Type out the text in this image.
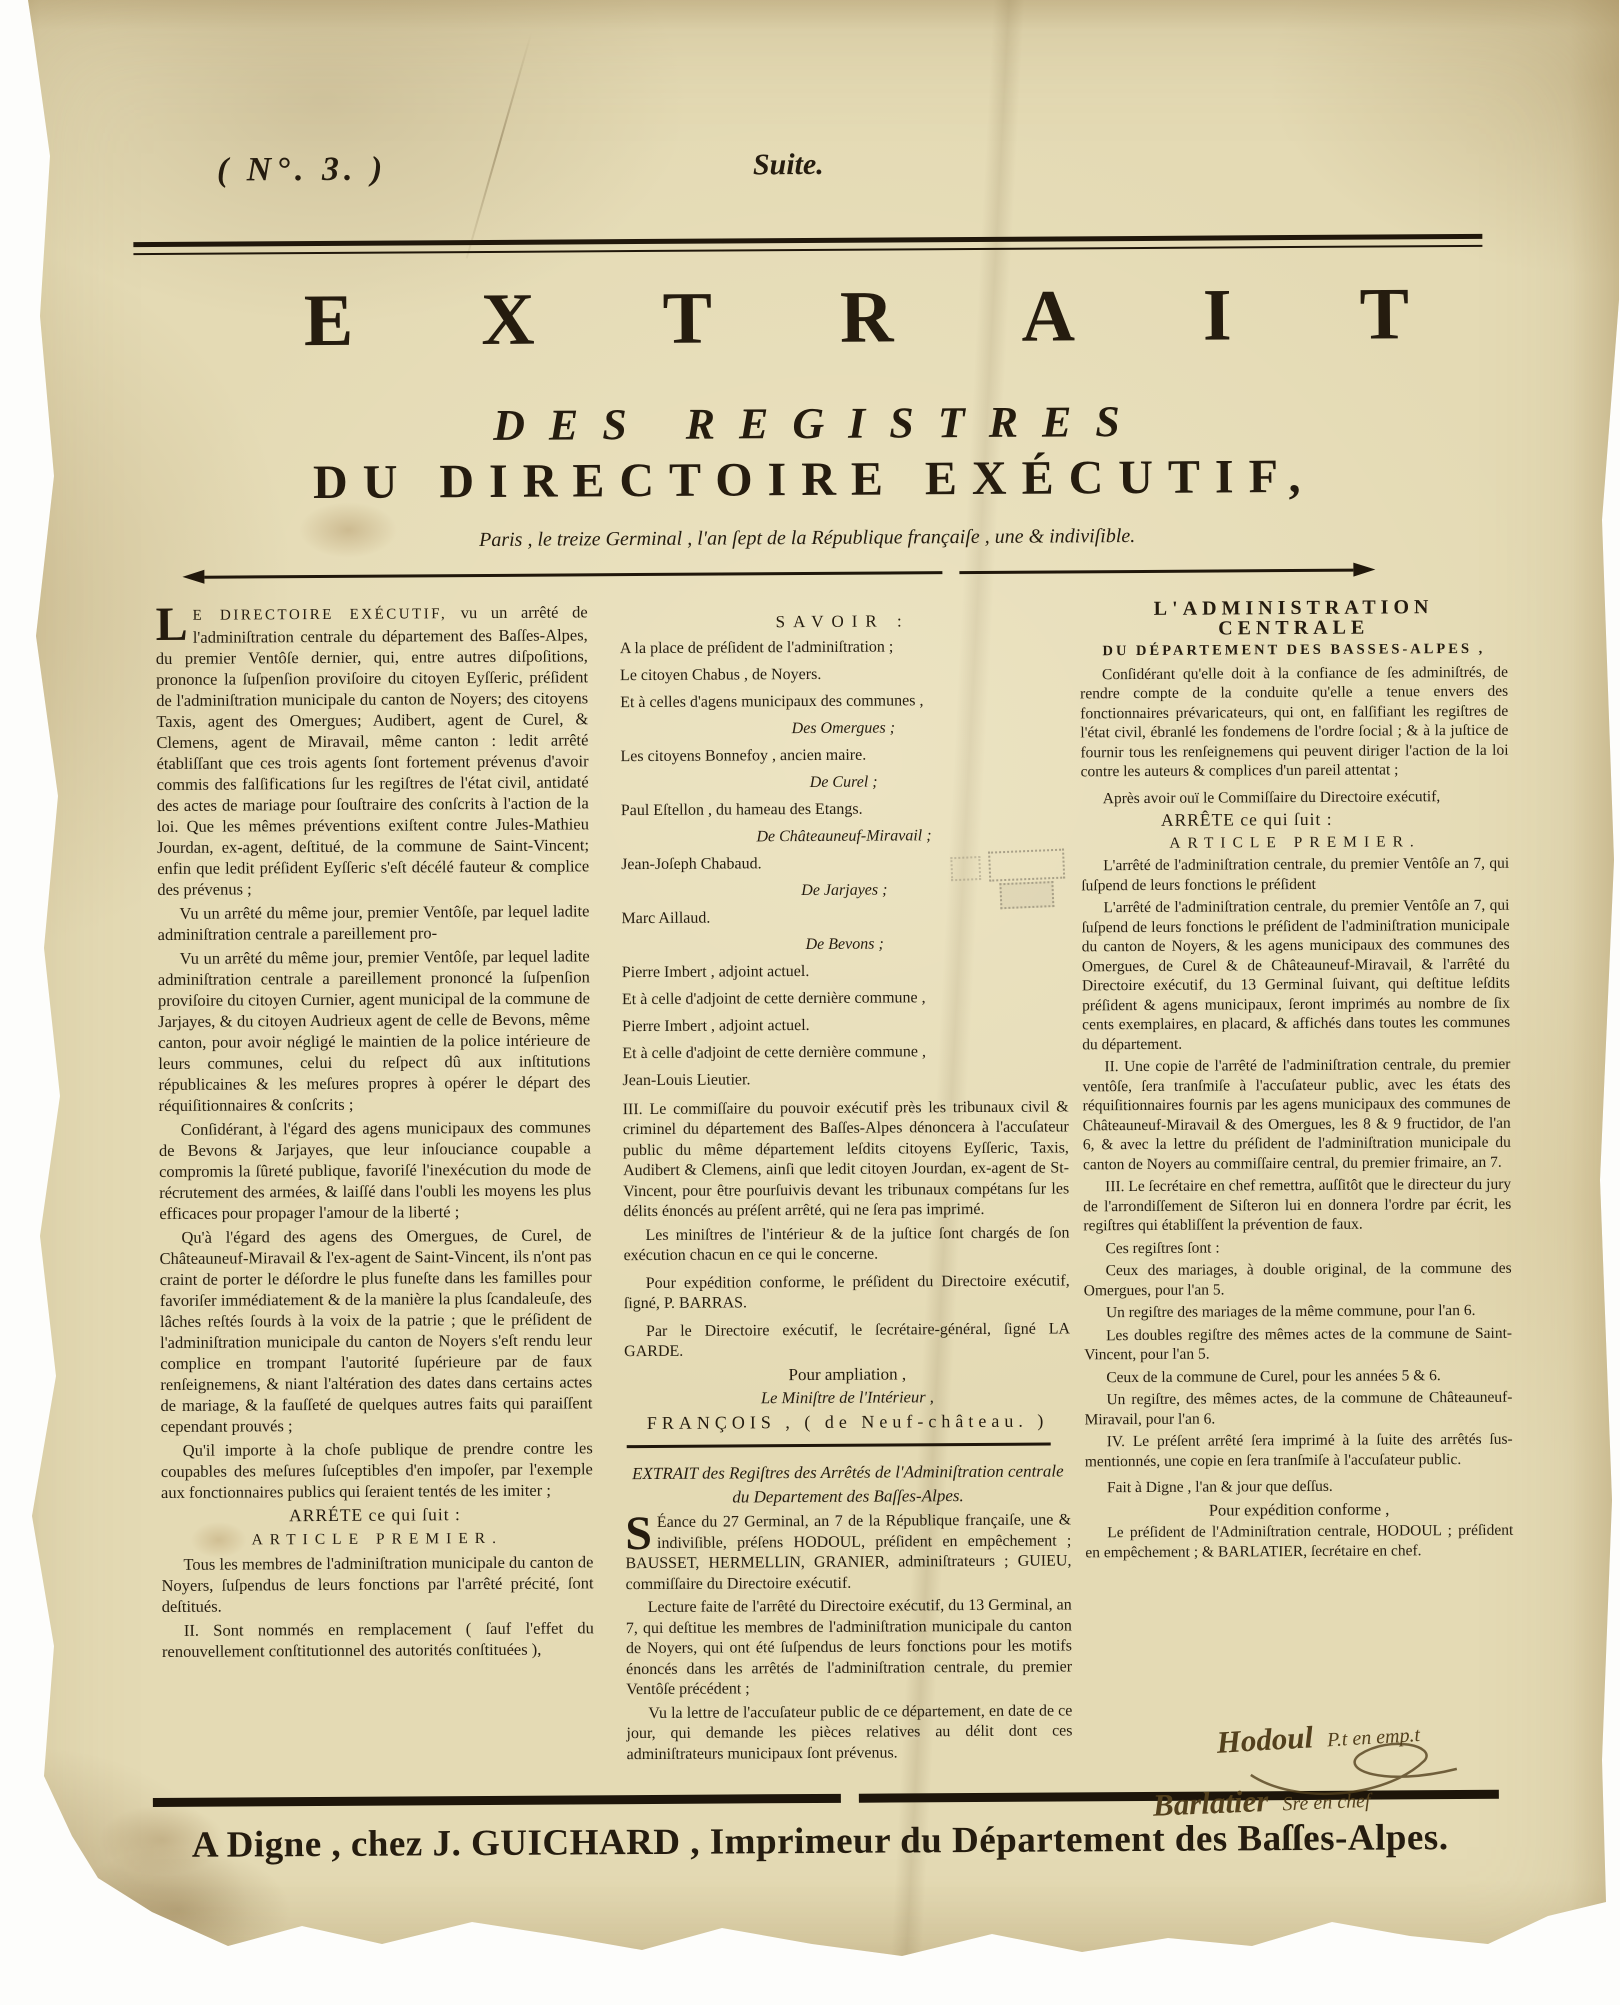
( N°. 3. )	Suite.
EXTRAIT
DES REGISTRES
DU DIRECTOIRE EXÉCUTIF,
Paris , le treize Germinal , l'an ſept de la République françaiſe , une & indiviſible.

L E DIRECTOIRE EXÉCUTIF, vu un arrêté de l'adminiſtration centrale du département des Baſſes-Alpes, du premier Ventôſe dernier, qui, entre autres diſpoſitions, prononce la ſuſpenſion proviſoire du citoyen Eyſſeric, préſident de l'adminiſtration municipale du canton de Noyers; des citoyens Taxis, agent des Omergues; Audibert, agent de Curel, & Clemens, agent de Miravail, même canton : ledit arrêté établiſſant que ces trois agents ſont fortement prévenus d'avoir commis des falſifications ſur les regiſtres de l'état civil, antidaté des actes de mariage pour ſouſtraire des conſcrits à l'action de la loi. Que les mêmes préventions exiſtent contre Jules-Mathieu Jourdan, ex-agent, deſtitué, de la commune de Saint-Vincent; enfin que ledit préſident Eyſſeric s'eſt décélé fauteur & complice des prévenus ;

Vu un arrêté du même jour, premier Ventôſe, par lequel ladite adminiſtration centrale a pareillement pro-

Vu un arrêté du même jour, premier Ventôſe, par lequel ladite adminiſtration centrale a pareillement prononcé la ſuſpenſion proviſoire du citoyen Curnier, agent municipal de la commune de Jarjayes, & du citoyen Audrieux agent de celle de Bevons, même canton, pour avoir négligé le maintien de la police intérieure de leurs communes, celui du reſpect dû aux inſtitutions républicaines & les meſures propres à opérer le départ des réquiſitionnaires & conſcrits ;

Conſidérant, à l'égard des agens municipaux des communes de Bevons & Jarjayes, que leur inſouciance coupable a compromis la ſûreté publique, favoriſé l'inexécution du mode de récrutement des armées, & laiſſé dans l'oubli les moyens les plus efficaces pour propager l'amour de la liberté ;

Qu'à l'égard des agens des Omergues, de Curel, de Châteauneuf-Miravail & l'ex-agent de Saint-Vincent, ils n'ont pas craint de porter le déſordre le plus funeſte dans les familles pour favoriſer immédiatement & de la manière la plus ſcandaleuſe, des lâches reſtés ſourds à la voix de la patrie ; que le préſident de l'adminiſtration municipale du canton de Noyers s'eſt rendu leur complice en trompant l'autorité ſupérieure par de faux renſeignemens, & niant l'altération des dates dans certains actes de mariage, & la fauſſeté de quelques autres faits qui paraiſſent cependant prouvés ;

Qu'il importe à la choſe publique de prendre contre les coupables des meſures ſuſceptibles d'en impoſer, par l'exemple aux fonctionnaires publics qui ſeraient tentés de les imiter ;

ARRÉTE ce qui ſuit :

ARTICLE PREMIER.

Tous les membres de l'adminiſtration municipale du canton de Noyers, ſuſpendus de leurs fonctions par l'arrêté précité, ſont deſtitués.

II. Sont nommés en remplacement ( ſauf l'effet du renouvellement conſtitutionnel des autorités conſtituées ),

SAVOIR :

A la place de préſident de l'adminiſtration ;

Le citoyen Chabus , de Noyers.

Et à celles d'agens municipaux des communes ,

Des Omergues ;

Les citoyens Bonnefoy , ancien maire.

De Curel ;

Paul Eſtellon , du hameau des Etangs.

De Châteauneuf-Miravail ;

Jean-Joſeph Chabaud.

De Jarjayes ;

Marc Aillaud.

De Bevons ;

Pierre Imbert , adjoint actuel.

Et à celle d'adjoint de cette dernière commune ,

Pierre Imbert , adjoint actuel.

Et à celle d'adjoint de cette dernière commune ,

Jean-Louis Lieutier.

III. Le commiſſaire du pouvoir exécutif près les tribunaux civil & criminel du département des Baſſes-Alpes dénoncera à l'accuſateur public du même département leſdits citoyens Eyſſeric, Taxis, Audibert & Clemens, ainſi que ledit citoyen Jourdan, ex-agent de St-Vincent, pour être pourſuivis devant les tribunaux compétans ſur les délits énoncés au préſent arrêté, qui ne ſera pas imprimé.

Les miniſtres de l'intérieur & de la juſtice ſont chargés de ſon exécution chacun en ce qui le concerne.

Pour expédition conforme, le préſident du Directoire exécutif, ſigné, P. BARRAS.

Par le Directoire exécutif, le ſecrétaire-général, ſigné LA GARDE.

Pour ampliation ,

Le Miniſtre de l'Intérieur ,

FRANÇOIS , ( de Neuf-château. )

EXTRAIT des Regiſtres des Arrêtés de l'Adminiſtration centrale du Departement des Baſſes-Alpes.

S Éance du 27 Germinal, an 7 de la République françaiſe, une & indiviſible, préſens HODOUL, préſident en empêchement ; BAUSSET, HERMELLIN, GRANIER, adminiſtrateurs ; GUIEU, commiſſaire du Directoire exécutif.

Lecture faite de l'arrêté du Directoire exécutif, du 13 Germinal, an 7, qui deſtitue les membres de l'adminiſtration municipale du canton de Noyers, qui ont été ſuſpendus de leurs fonctions pour les motifs énoncés dans les arrêtés de l'adminiſtration centrale, du premier Ventôſe précédent ;

Vu la lettre de l'accuſateur public de ce département, en date de ce jour, qui demande les pièces relatives au délit dont ces adminiſtrateurs municipaux ſont prévenus.

L'ADMINISTRATION CENTRALE

DU DÉPARTEMENT DES BASSES-ALPES ,

Conſidérant qu'elle doit à la confiance de ſes adminiſtrés, de rendre compte de la conduite qu'elle a tenue envers des fonctionnaires prévaricateurs, qui ont, en falſifiant les regiſtres de l'état civil, ébranlé les fondemens de l'ordre ſocial ; & à la juſtice de fournir tous les renſeignemens qui peuvent diriger l'action de la loi contre les auteurs & complices d'un pareil attentat ;

Après avoir ouï le Commiſſaire du Directoire exécutif,

ARRÊTE ce qui ſuit :

ARTICLE PREMIER.

L'arrêté de l'adminiſtration centrale, du premier Ventôſe an 7, qui ſuſpend de leurs fonctions le préſident

L'arrêté de l'adminiſtration centrale, du premier Ventôſe an 7, qui ſuſpend de leurs fonctions le préſident de l'adminiſtration municipale du canton de Noyers, & les agens municipaux des communes des Omergues, de Curel & de Châteauneuf-Miravail, & l'arrêté du Directoire exécutif, du 13 Germinal ſuivant, qui deſtitue leſdits préſident & agens municipaux, ſeront imprimés au nombre de ſix cents exemplaires, en placard, & affichés dans toutes les communes du département.

II. Une copie de l'arrêté de l'adminiſtration centrale, du premier ventôſe, ſera tranſmiſe à l'accuſateur public, avec les états des réquiſitionnaires fournis par les agens municipaux des communes de Châteauneuf-Miravail & des Omergues, les 8 & 9 fructidor, de l'an 6, & avec la lettre du préſident de l'adminiſtration municipale du canton de Noyers au commiſſaire central, du premier frimaire, an 7.

III. Le ſecrétaire en chef remettra, auſſitôt que le directeur du jury de l'arrondiſſement de Siſteron lui en donnera l'ordre par écrit, les regiſtres qui établiſſent la prévention de faux.

Ces regiſtres ſont :

Ceux des mariages, à double original, de la commune des Omergues, pour l'an 5.

Un regiſtre des mariages de la même commune, pour l'an 6.

Les doubles regiſtre des mêmes actes de la commune de Saint-Vincent, pour l'an 5.

Ceux de la commune de Curel, pour les années 5 & 6.

Un regiſtre, des mêmes actes, de la commune de Châteauneuf-Miravail, pour l'an 6.

IV. Le préſent arrêté ſera imprimé à la ſuite des arrêtés ſus-mentionnés, une copie en ſera tranſmiſe à l'accuſateur public.

Fait à Digne , l'an & jour que deſſus.

Pour expédition conforme ,

Le préſident de l'Adminiſtration centrale, HODOUL ; préſident en empêchement ; & BARLATIER, ſecrétaire en chef.

Hodoul P.t en emp.t
Barlatier Sre en chef
A Digne , chez J. GUICHARD , Imprimeur du Département des Baſſes-Alpes.
